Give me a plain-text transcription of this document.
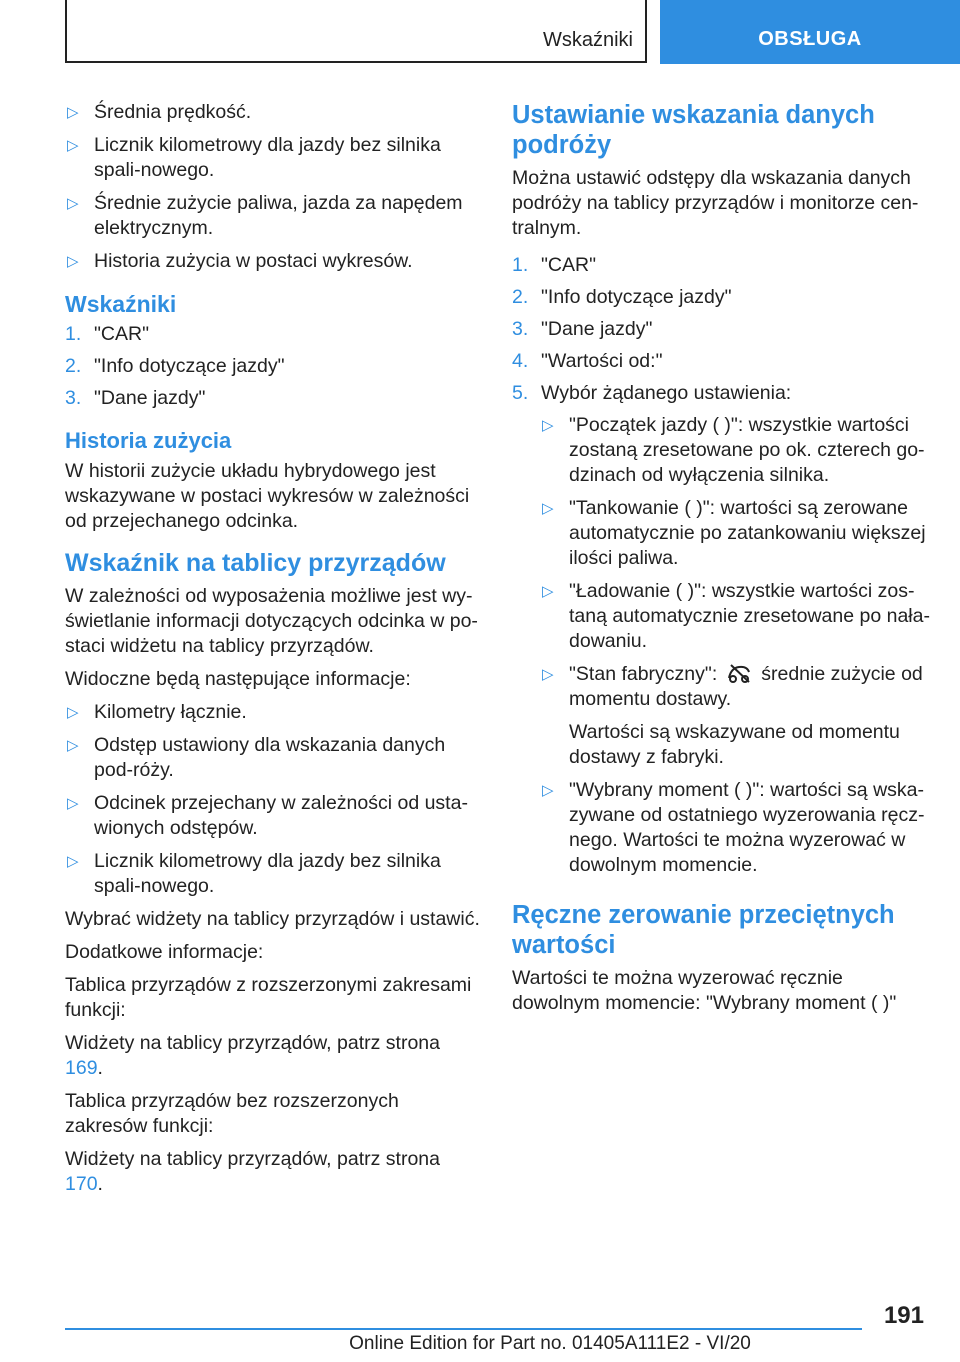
Wskaźniki	OBSŁUGA
▷ Średnia prędkość.
▷ Licznik kilometrowy dla jazdy bez silnika spali-nowego.
▷ Średnie zużycie paliwa, jazda za napędem elektrycznym.
▷ Historia zużycia w postaci wykresów.
Wskaźniki
1. "CAR"
2. "Info dotyczące jazdy"
3. "Dane jazdy"
Historia zużycia

W historii zużycie układu hybrydowego jest wskazywane w postaci wykresów w zależności od przejechanego odcinka.

Wskaźnik na tablicy przyrządów

W zależności od wyposażenia możliwe jest wy-świetlanie informacji dotyczących odcinka w po-staci widżetu na tablicy przyrządów.

Widoczne będą następujące informacje:

▷ Kilometry łącznie.
▷ Odstęp ustawiony dla wskazania danych pod-róży.
▷ Odcinek przejechany w zależności od usta-wionych odstępów.
▷ Licznik kilometrowy dla jazdy bez silnika spali-nowego.

Wybrać widżety na tablicy przyrządów i ustawić.

Dodatkowe informacje:

Tablica przyrządów z rozszerzonymi zakresami funkcji:

Widżety na tablicy przyrządów, patrz strona 169.

Tablica przyrządów bez rozszerzonych zakresów funkcji:

Widżety na tablicy przyrządów, patrz strona 170.

Ustawianie wskazania danych podróży

Można ustawić odstępy dla wskazania danych podróży na tablicy przyrządów i monitorze cen-tralnym.

1. "CAR"
2. "Info dotyczące jazdy"
3. "Dane jazdy"
4. "Wartości od:"
5. Wybór żądanego ustawienia:
▷ "Początek jazdy ( )": wszystkie wartości zostaną zresetowane po ok. czterech go-dzinach od wyłączenia silnika.
▷ "Tankowanie ( )": wartości są zerowane automatycznie po zatankowaniu większej ilości paliwa.
▷ "Ładowanie ( )": wszystkie wartości zos-taną automatycznie zresetowane po nała-dowaniu.
▷ "Stan fabryczny": średnie zużycie od momentu dostawy.

Wartości są wskazywane od momentu dostawy z fabryki.

▷ "Wybrany moment ( )": wartości są wska-zywane od ostatniego wyzerowania ręcz-nego. Wartości te można wyzerować w dowolnym momencie.
Ręczne zerowanie przeciętnych wartości

Wartości te można wyzerować ręcznie dowolnym momencie: "Wybrany moment ( )"

191
Online Edition for Part no. 01405A111E2 - VI/20
